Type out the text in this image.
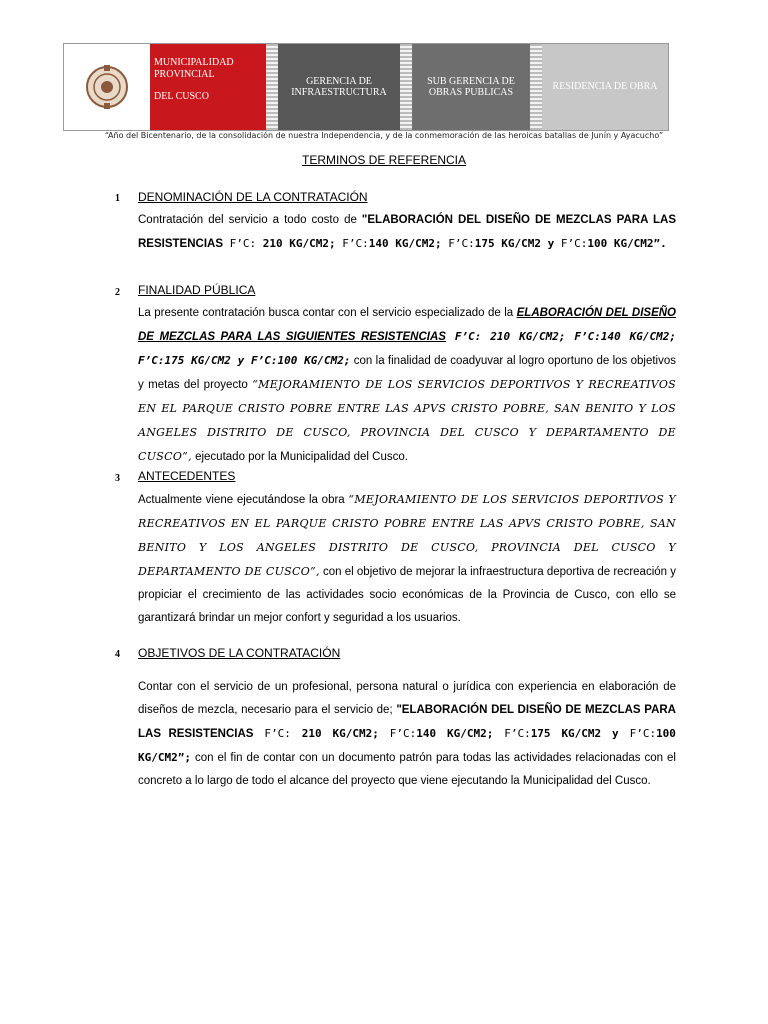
MUNICIPALIDAD
PROVINCIAL
DEL CUSCO
GERENCIA DE INFRAESTRUCTURA
SUB GERENCIA DE OBRAS PUBLICAS
RESIDENCIA DE OBRA
“Año del Bicentenario, de la consolidación de nuestra Independencia, y de la conmemoración de las heroicas batallas de Junín y Ayacucho”
TERMINOS DE REFERENCIA
1 DENOMINACIÓN DE LA CONTRATACIÓN
Contratación del servicio a todo costo de "ELABORACIÓN DEL DISEÑO DE MEZCLAS PARA LAS RESISTENCIAS F’C: 210 KG/CM2; F’C:140 KG/CM2; F’C:175 KG/CM2 y F’C:100 KG/CM2”.
2 FINALIDAD PÚBLICA
La presente contratación busca contar con el servicio especializado de la ELABORACIÓN DEL DISEÑO DE MEZCLAS PARA LAS SIGUIENTES RESISTENCIAS F’C: 210 KG/CM2; F’C:140 KG/CM2; F’C:175 KG/CM2 y F’C:100 KG/CM2; con la finalidad de coadyuvar al logro oportuno de los objetivos y metas del proyecto “MEJORAMIENTO DE LOS SERVICIOS DEPORTIVOS Y RECREATIVOS EN EL PARQUE CRISTO POBRE ENTRE LAS APVS CRISTO POBRE, SAN BENITO Y LOS ANGELES DISTRITO DE CUSCO, PROVINCIA DEL CUSCO Y DEPARTAMENTO DE CUSCO”, ejecutado por la Municipalidad del Cusco.
3 ANTECEDENTES
Actualmente viene ejecutándose la obra “MEJORAMIENTO DE LOS SERVICIOS DEPORTIVOS Y RECREATIVOS EN EL PARQUE CRISTO POBRE ENTRE LAS APVS CRISTO POBRE, SAN BENITO Y LOS ANGELES DISTRITO DE CUSCO, PROVINCIA DEL CUSCO Y DEPARTAMENTO DE CUSCO”, con el objetivo de mejorar la infraestructura deportiva de recreación y propiciar el crecimiento de las actividades socio económicas de la Provincia de Cusco, con ello se garantizará brindar un mejor confort y seguridad a los usuarios.
4 OBJETIVOS DE LA CONTRATACIÓN
Contar con el servicio de un profesional, persona natural o jurídica con experiencia en elaboración de diseños de mezcla, necesario para el servicio de; "ELABORACIÓN DEL DISEÑO DE MEZCLAS PARA LAS RESISTENCIAS F’C: 210 KG/CM2; F’C:140 KG/CM2; F’C:175 KG/CM2 y F’C:100 KG/CM2”; con el fin de contar con un documento patrón para todas las actividades relacionadas con el concreto a lo largo de todo el alcance del proyecto que viene ejecutando la Municipalidad del Cusco.
